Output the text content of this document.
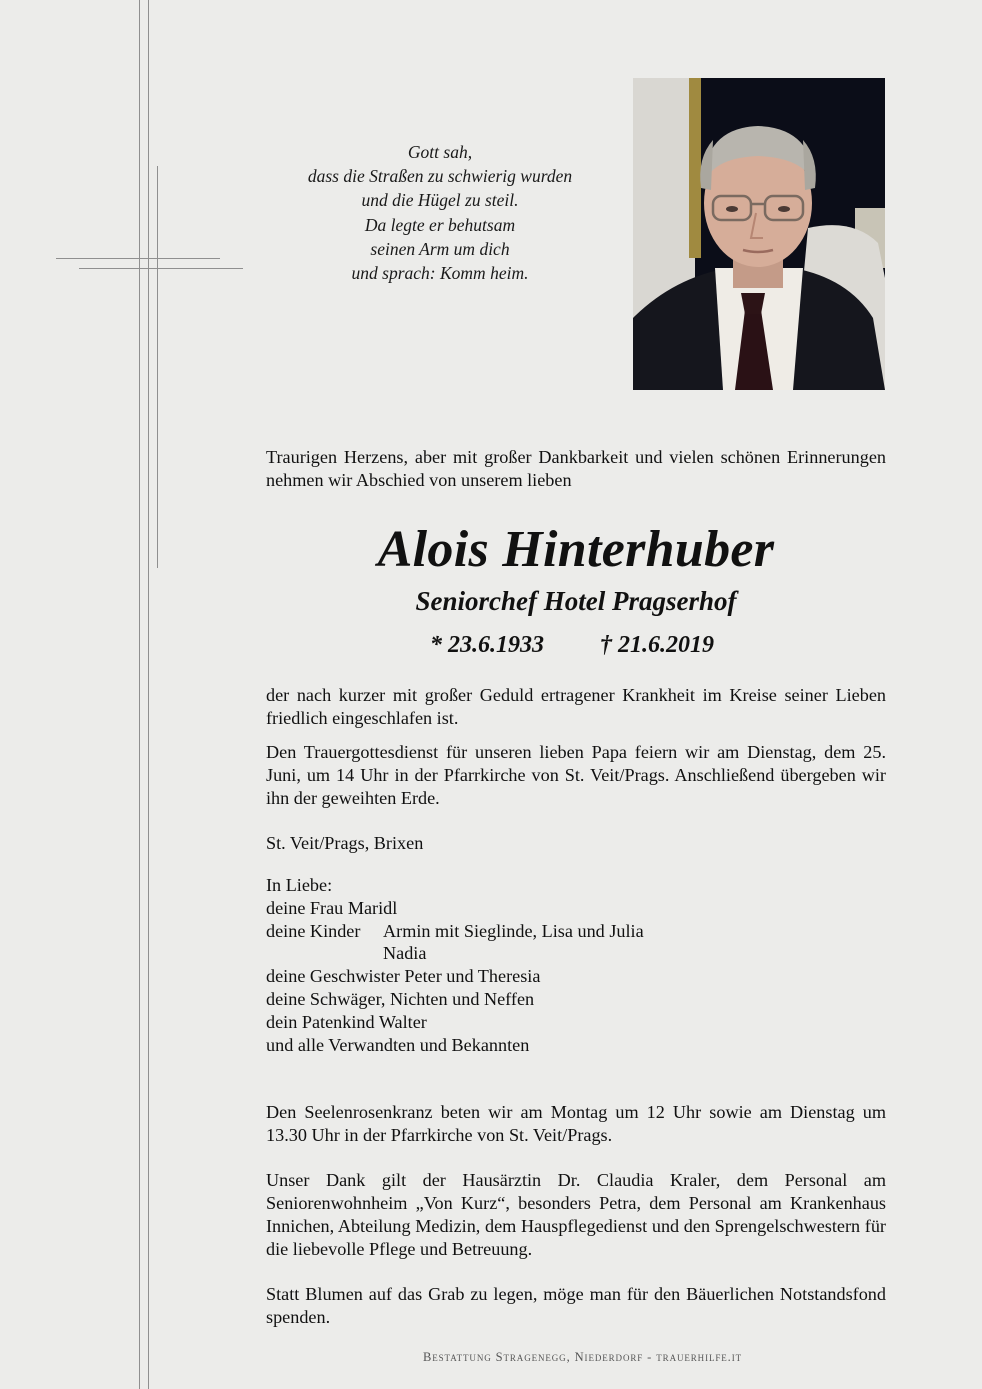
Gott sah,
dass die Straßen zu schwierig wurden
und die Hügel zu steil.
Da legte er behutsam
seinen Arm um dich
und sprach: Komm heim.

Traurigen Herzens, aber mit großer Dankbarkeit und vielen schönen Erinnerungen nehmen wir Abschied von unserem lieben

Alois Hinterhuber
Seniorchef Hotel Pragserhof
* 23.6.1933 † 21.6.2019

der nach kurzer mit großer Geduld ertragener Krankheit im Kreise seiner Lieben friedlich eingeschlafen ist.

Den Trauergottesdienst für unseren lieben Papa feiern wir am Dienstag, dem 25. Juni, um 14 Uhr in der Pfarrkirche von St. Veit/Prags. Anschließend übergeben wir ihn der geweihten Erde.

St. Veit/Prags, Brixen
In Liebe:
deine Frau Maridl
deine Kinder Armin mit Sieglinde, Lisa und Julia
Nadia
deine Geschwister Peter und Theresia
deine Schwäger, Nichten und Neffen
dein Patenkind Walter
und alle Verwandten und Bekannten

Den Seelenrosenkranz beten wir am Montag um 12 Uhr sowie am Dienstag um 13.30 Uhr in der Pfarrkirche von St. Veit/Prags.

Unser Dank gilt der Hausärztin Dr. Claudia Kraler, dem Personal am Seniorenwohnheim „Von Kurz“, besonders Petra, dem Personal am Krankenhaus Innichen, Abteilung Medizin, dem Hauspflegedienst und den Sprengelschwestern für die liebevolle Pflege und Betreuung.

Statt Blumen auf das Grab zu legen, möge man für den Bäuerlichen Notstandsfond spenden.

Bestattung Stragenegg, Niederdorf - trauerhilfe.it
